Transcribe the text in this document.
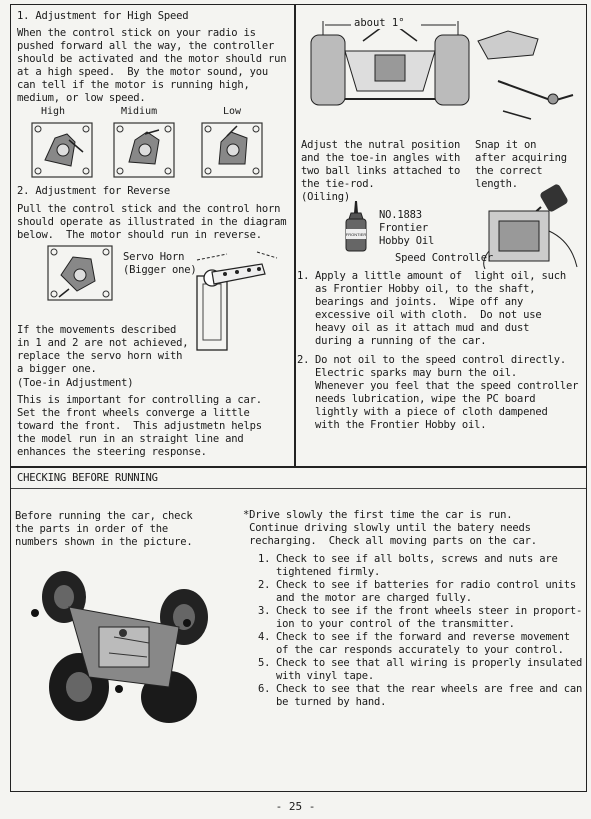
1. Adjustment for High Speed
When the control stick on your radio is
pushed forward all the way, the controller
should be activated and the motor should run
at a high speed.  By the motor sound, you
can tell if the motor is running high,
medium, or low speed.
High	Midium	Low
2. Adjustment for Reverse
Pull the control stick and the control horn
should operate as illustrated in the diagram
below.  The motor should run in reverse.
Servo Horn
(Bigger one)
If the movements described
in 1 and 2 are not achieved,
replace the servo horn with
a bigger one.
(Toe-in Adjustment)
This is important for controlling a car.
Set the front wheels converge a little
toward the front.  This adjustmetn helps
the model run in an straight line and
enhances the steering response.
about 1°
Adjust the nutral position
and the toe-in angles with
two ball links attached to
the tie-rod.
Snap it on
after acquiring
the correct
length.
(Oiling)
FRONTIER
NO.1883
Frontier
Hobby Oil
Speed Controller
1. Apply a little amount of  light oil, such
as Frontier Hobby oil, to the shaft,
bearings and joints.  Wipe off any
excessive oil with cloth.  Do not use
heavy oil as it attach mud and dust
during a running of the car.
2. Do not oil to the speed control directly.
Electric sparks may burn the oil.
Whenever you feel that the speed controller
needs lubrication, wipe the PC board
lightly with a piece of cloth dampened
with the Frontier Hobby oil.
CHECKING BEFORE RUNNING
Before running the car, check
the parts in order of the
numbers shown in the picture.
*Drive slowly the first time the car is run.
Continue driving slowly until the batery needs
recharging.  Check all moving parts on the car.
1. Check to see if all bolts, screws and nuts are
tightened firmly.
2. Check to see if batteries for radio control units
and the motor are charged fully.
3. Check to see if the front wheels steer in proport-
ion to your control of the transmitter.
4. Check to see if the forward and reverse movement
of the car responds accurately to your control.
5. Check to see that all wiring is properly insulated
with vinyl tape.
6. Check to see that the rear wheels are free and can
be turned by hand.
- 25 -
